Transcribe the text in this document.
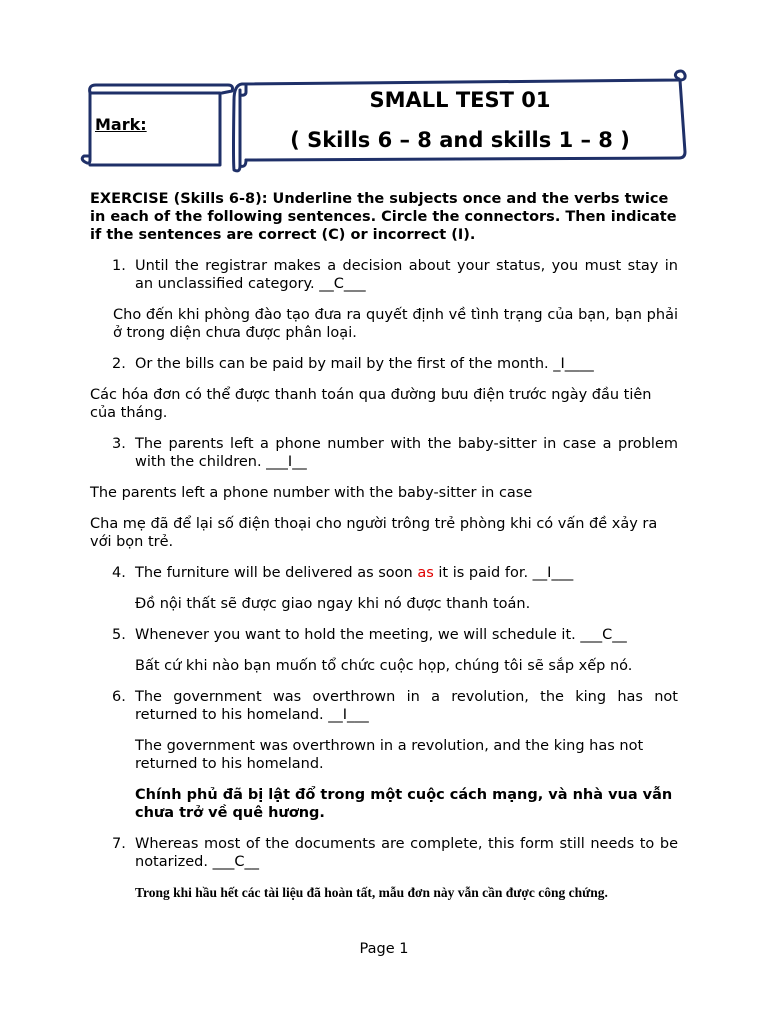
Mark:
SMALL TEST 01
( Skills 6 – 8 and skills 1 – 8 )

EXERCISE (Skills 6-8): Underline the subjects once and the verbs twice in each of the following sentences. Circle the connectors. Then indicate if the sentences are correct (C) or incorrect (I).

1. Until the registrar makes a decision about your status, you must stay in an unclassified category. __C___

Cho đến khi phòng đào tạo đưa ra quyết định về tình trạng của bạn, bạn phải ở trong diện chưa được phân loại.

2. Or the bills can be paid by mail by the first of the month. _I____

Các hóa đơn có thể được thanh toán qua đường bưu điện trước ngày đầu tiên của tháng.

3. The parents left a phone number with the baby-sitter in case a problem with the children. ___I__

The parents left a phone number with the baby-sitter in case

Cha mẹ đã để lại số điện thoại cho người trông trẻ phòng khi có vấn đề xảy ra với bọn trẻ.

4. The furniture will be delivered as soon as it is paid for. __I___

Đồ nội thất sẽ được giao ngay khi nó được thanh toán.

5. Whenever you want to hold the meeting, we will schedule it. ___C__

Bất cứ khi nào bạn muốn tổ chức cuộc họp, chúng tôi sẽ sắp xếp nó.

6. The government was overthrown in a revolution, the king has not returned to his homeland. __I___

The government was overthrown in a revolution, and the king has not returned to his homeland.

Chính phủ đã bị lật đổ trong một cuộc cách mạng, và nhà vua vẫn chưa trở về quê hương.

7. Whereas most of the documents are complete, this form still needs to be notarized. ___C__

Trong khi hầu hết các tài liệu đã hoàn tất, mẫu đơn này vẫn cần được công chứng.

Page 1
